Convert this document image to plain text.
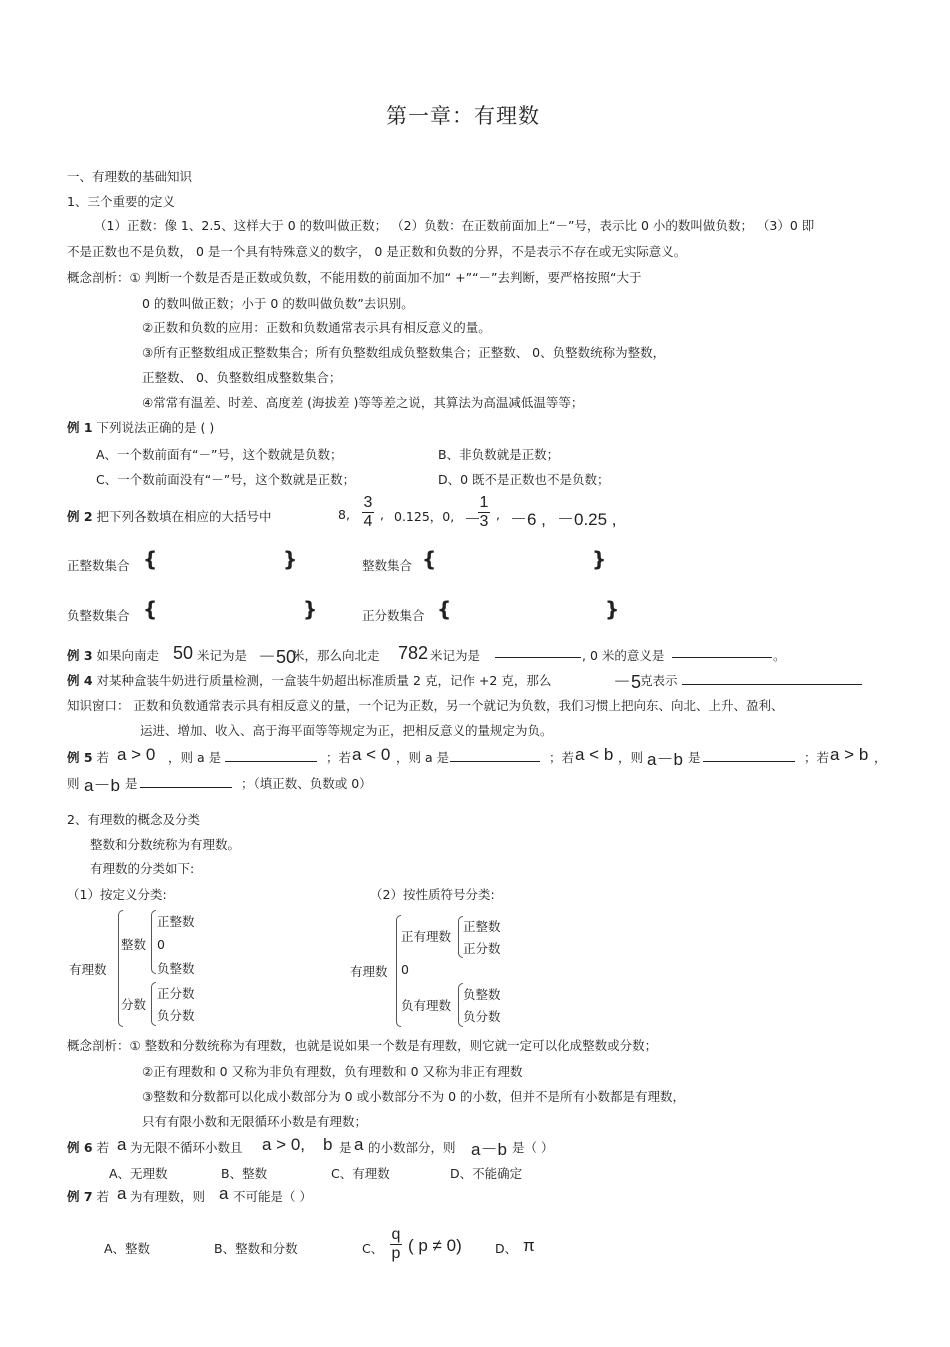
第一章：有理数
一、有理数的基础知识
1、三个重要的定义
（1）正数：像 1、2.5、这样大于 0 的数叫做正数； （2）负数：在正数前面加上“－”号，表示比 0 小的数叫做负数； （3）0 即
不是正数也不是负数， 0 是一个具有特殊意义的数字， 0 是正数和负数的分界，不是表示不存在或无实际意义。
概念剖析：① 判断一个数是否是正数或负数，不能用数的前面加不加“ +”“－”去判断，要严格按照“大于
0 的数叫做正数；小于 0 的数叫做负数”去识别。
②正数和负数的应用：正数和负数通常表示具有相反意义的量。
③所有正整数组成正整数集合；所有负整数组成负整数集合；正整数、 0、负整数统称为整数，
正整数、 0、负整数组成整数集合；
④常常有温差、时差、高度差 (海拔差 )等等差之说，其算法为高温减低温等等；
例 1 下列说法正确的是 ( )
A、一个数前面有“－”号，这个数就是负数；	B、非负数就是正数；
C、一个数前面没有“－”号，这个数就是正数；	D、0 既不是正数也不是负数；
例 2 把下列各数填在相应的大括号中	8, $\frac{3}{4}$ , 0.125，0, －
$\frac{1}{3}$ , －6 , －0.25 ,
正整数集合 {	}	整数集合 {	}
负整数集合 {	}	正分数集合 {	}
例 3 如果向南走 50 米记为是 －50
米，那么向北走 782 米记为是	, 0 米的意义是	。
例 4 对某种盒装牛奶进行质量检测，一盒装牛奶超出标准质量 2 克，记作 +2 克，那么	－5
克表示
知识窗口： 正数和负数通常表示具有相反意义的量，一个记为正数，另一个就记为负数，我们习惯上把向东、向北、上升、盈利、
运进、增加、收入、高于海平面等等规定为正，把相反意义的量规定为负。
例 5 若 a > 0 ，则 a 是	；若 a < 0 ，则 a 是	；若 a < b ，则 a－b 是	；若 a > b ，
则 a－b 是	；（填正数、负数或 0）
2、有理数的概念及分类
整数和分数统称为有理数。
有理数的分类如下:
（1）按定义分类:
有理数
整数
正整数
0
负整数
分数
正分数
负分数
（2）按性质符号分类:
有理数
正有理数
正整数
正分数
0
负有理数
负整数
负分数
概念剖析：① 整数和分数统称为有理数，也就是说如果一个数是有理数，则它就一定可以化成整数或分数；
②正有理数和 0 又称为非负有理数，负有理数和 0 又称为非正有理数
③整数和分数都可以化成小数部分为 0 或小数部分不为 0 的小数，但并不是所有小数都是有理数，
只有有限小数和无限循环小数是有理数；
例 6 若 a 为无限不循环小数且 a > 0, b 是 a 的小数部分，则 a－b 是（ ）
A、无理数	B、整数	C、有理数	D、不能确定
例 7 若 a 为有理数，则 a 不可能是（ ）
A、整数	B、整数和分数	C、 $\frac{q}{p}$ ( p ≠ 0)	D、 π
